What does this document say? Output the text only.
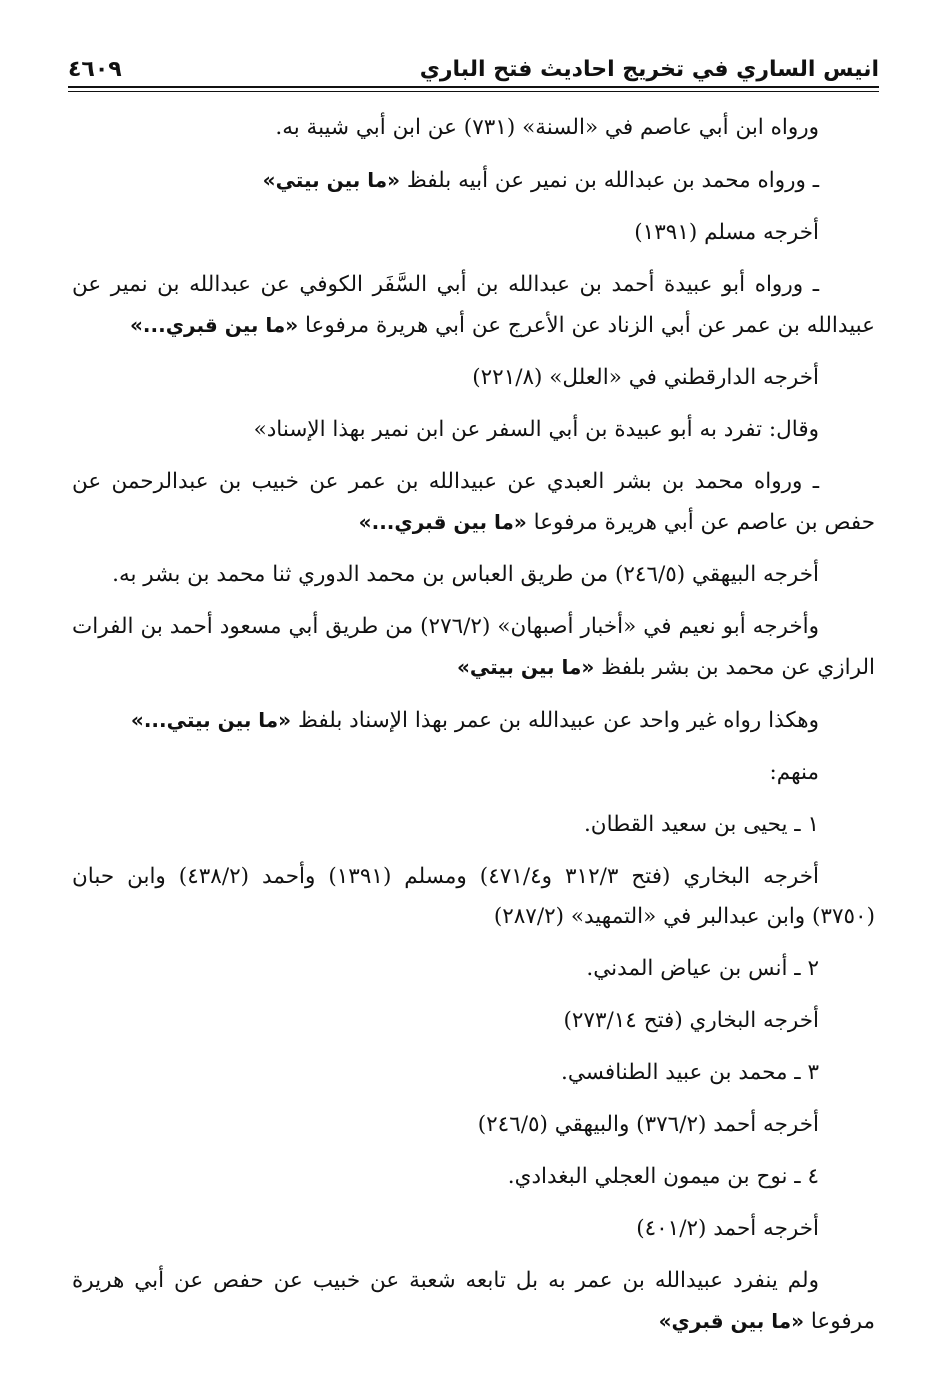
انيس الساري في تخريج احاديث فتح الباري
٤٦٠٩

ورواه ابن أبي عاصم في «السنة» (٧٣١) عن ابن أبي شيبة به.

ـ ورواه محمد بن عبدالله بن نمير عن أبيه بلفظ «ما بين بيتي»

أخرجه مسلم (١٣٩١)

ـ ورواه أبو عبيدة أحمد بن عبدالله بن أبي السَّفَر الكوفي عن عبدالله بن نمير عن عبيدالله بن عمر عن أبي الزناد عن الأعرج عن أبي هريرة مرفوعا «ما بين قبري...»

أخرجه الدارقطني في «العلل» (٢٢١/٨)

وقال: تفرد به أبو عبيدة بن أبي السفر عن ابن نمير بهذا الإسناد»

ـ ورواه محمد بن بشر العبدي عن عبيدالله بن عمر عن خبيب بن عبدالرحمن عن حفص بن عاصم عن أبي هريرة مرفوعا «ما بين قبري...»

أخرجه البيهقي (٢٤٦/٥) من طريق العباس بن محمد الدوري ثنا محمد بن بشر به.

وأخرجه أبو نعيم في «أخبار أصبهان» (٢٧٦/٢) من طريق أبي مسعود أحمد بن الفرات الرازي عن محمد بن بشر بلفظ «ما بين بيتي»

وهكذا رواه غير واحد عن عبيدالله بن عمر بهذا الإسناد بلفظ «ما بين بيتي...»

منهم:

١ ـ يحيى بن سعيد القطان.

أخرجه البخاري (فتح ٣١٢/٣ و٤٧١/٤) ومسلم (١٣٩١) وأحمد (٤٣٨/٢) وابن حبان (٣٧٥٠) وابن عبدالبر في «التمهيد» (٢٨٧/٢)

٢ ـ أنس بن عياض المدني.

أخرجه البخاري (فتح ٢٧٣/١٤)

٣ ـ محمد بن عبيد الطنافسي.

أخرجه أحمد (٣٧٦/٢) والبيهقي (٢٤٦/٥)

٤ ـ نوح بن ميمون العجلي البغدادي.

أخرجه أحمد (٤٠١/٢)

ولم ينفرد عبيدالله بن عمر به بل تابعه شعبة عن خبيب عن حفص عن أبي هريرة مرفوعا «ما بين قبري»
